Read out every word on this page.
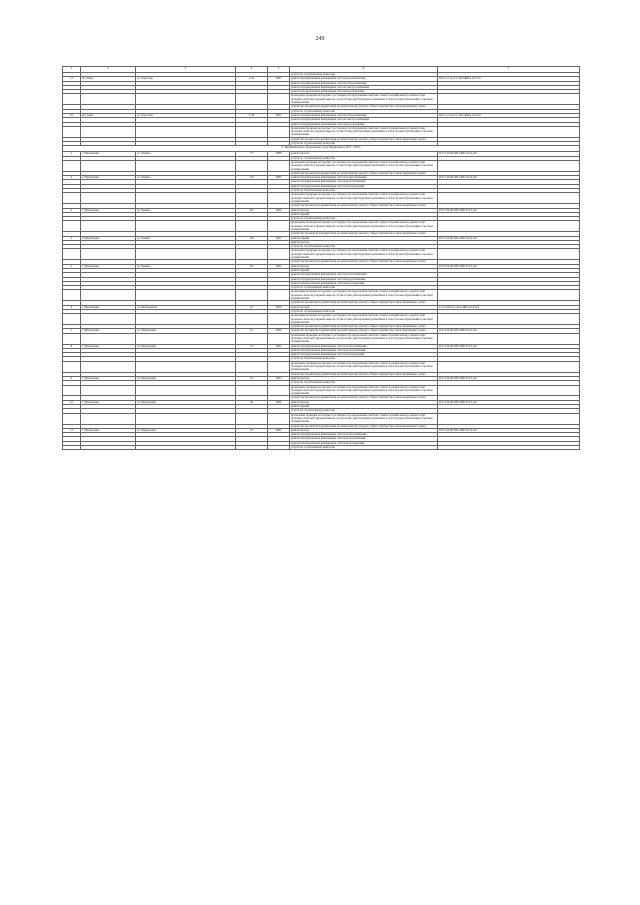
249
1	2	3	4	5	6	7
					услуги по строительному контролю	
15	пгт Харп	ул. Одесская	11 Б	2007	ремонт внутридомовых инженерных систем водоснабжения	III-2-2-Стаэ3-С-III-СЖБ-0-0-0-0-0
					ремонт внутридомовых инженерных систем теплоснабжения	
					ремонт внутридомовых инженерных систем электроснабжения	
					ремонт внутридомовых инженерных систем водоотведения	
					проведение проверки на предмет достоверности определения сметной стоимости капитального ремонта при проверке сметной документации на соответствие действующим нормативам в области ценообразования в сметном нормировании	
					разработка проектной документации на капитальному ремонту общего имущества в многоквартирных домах	
					услуги по строительному контролю	
16	пгт Харп	ул. Одесская	11 В	2007	ремонт внутридомовых инженерных систем теплоснабжения	III-2-2-Стаэ3-С-III-СЖБ-0-0-0-0-0
					ремонт внутридомовых инженерных систем электроснабжения	
					ремонт внутридомовых инженерных систем водоотведения	
					проведение проверки на предмет достоверности определения сметной стоимости капитального ремонта при проверке сметной документации на соответствие действующим нормативам в области ценообразования в сметном нормировании	
					разработка проектной документации на капитальному ремонту общего имущества в многоквартирных домах	
					услуги по строительному контролю	
3. Муниципальное образование город Муравленко (2011 - 2013)						
1	г. Муравленко	ул. Ленина	77	1988	ремонт фасада	II-5-5-П-III-ПП-СЖБ-0-0-0-0-0
					услуги по строительному контролю	
					проведение проверки на предмет достоверности определения сметной стоимости капитального ремонта при проверке сметной документации на соответствие действующим нормативам в области ценообразования в сметном нормировании	
					разработка проектной документации на капитальному ремонту общего имущества в многоквартирных домах	
2	г. Муравленко	ул. Ленина	115	1985	ремонт внутридомовых инженерных систем теплоснабжения	II-5-5-П-III-ПП-СЖБ-0-0-0-0-0
					ремонт внутридомовых инженерных систем водоснабжения	
					ремонт внутридомовых инженерных систем водоотведения	
					услуги по строительному контролю	
					проведение проверки на предмет достоверности определения сметной стоимости капитального ремонта при проверке сметной документации на соответствие действующим нормативам в области ценообразования в сметном нормировании	
					разработка проектной документации на капитальному ремонту общего имущества в многоквартирных домах	
3	г. Муравленко	ул. Ленина	127	1990	ремонт фасада	II-5-5-П-III-ПП-СЖБ-0-0-0-0-0
					ремонт крыши	
					услуги по строительному контролю	
					проведение проверки на предмет достоверности определения сметной стоимости капитального ремонта при проверке сметной документации на соответствие действующим нормативам в области ценообразования в сметном нормировании	
					разработка проектной документации на капитальному ремонту общего имущества в многоквартирных домах	
4	г. Муравленко	ул. Ленина	129	1991	ремонт крыши	II-5-5-П-III-ПП-СЖБ-0-0-0-0-0
					ремонт фасада	
					услуги по строительному контролю	
					проведение проверки на предмет достоверности определения сметной стоимости капитального ремонта при проверке сметной документации на соответствие действующим нормативам в области ценообразования в сметном нормировании	
					разработка проектной документации на капитальному ремонту общего имущества в многоквартирных домах	
5	г. Муравленко	ул. Ленина	131	1991	ремонт фасада	II-5-8-П-III-ПП-СЖБ-0-0-0-0-0
					ремонт крыши	
					ремонт внутридомовых инженерных систем теплоснабжения	
					ремонт внутридомовых инженерных систем водоснабжения	
					ремонт внутридомовых инженерных систем водоотведения	
					услуги по строительному контролю	
					проведение проверки на предмет достоверности определения сметной стоимости капитального ремонта при проверке сметной документации на соответствие действующим нормативам в области ценообразования в сметном нормировании	
					разработка проектной документации на капитальному ремонту общего имущества в многоквартирных домах	
6	г. Муравленко	ул. Молодежная	27	2009	ремонт фасада	С-3-3-Об-м-С-П-м-ЖБ-0-0-0-0-0
					услуги по строительному контролю	
					проведение проверки на предмет достоверности определения сметной стоимости капитального ремонта при проверке сметной документации на соответствие действующим нормативам в области ценообразования в сметном нормировании	
					разработка проектной документации на капитальному ремонту общего имущества в многоквартирных домах	
7	г. Муравленко	ул. Муравленко	15	1990	разработка проектной документации на капитальному ремонту общего имущества в многоквартирных домах	II-5-4-П-III-ПП-СЖБ-0-0-0-0-0
					проведение проверки на предмет достоверности определения сметной стоимости капитального ремонта при проверке сметной документации на соответствие действующим нормативам в области ценообразования в сметном нормировании	
8	г. Муравленко	ул. Муравленко	21	1991	ремонт внутридомовых инженерных систем теплоснабжения	II-5-4-П-III-ПП-СЖБ-0-0-0-0-0
					ремонт внутридомовых инженерных систем водоснабжения	
					ремонт внутридомовых инженерных систем водоотведения	
					услуги по строительному контролю	
					проведение проверки на предмет достоверности определения сметной стоимости капитального ремонта при проверке сметной документации на соответствие действующим нормативам в области ценообразования в сметном нормировании	
					разработка проектной документации на капитальному ремонту общего имущества в многоквартирных домах	
9	г. Муравленко	ул. Муравленко	25	1993	ремонт фасада	II-5-4-П-III-ПП-СЖБ-0-0-0-0-0
					услуги по строительному контролю	
					проведение проверки на предмет достоверности определения сметной стоимости капитального ремонта при проверке сметной документации на соответствие действующим нормативам в области ценообразования в сметном нормировании	
					разработка проектной документации на капитальному ремонту общего имущества в многоквартирных домах	
10	г. Муравленко	ул. Муравленко	36	1999	ремонт фасада	II-5-4-П-III-ПП-СЖБ-0-0-0-0-0
					ремонт крыши	
					услуги по строительному контролю	
					проведение проверки на предмет достоверности определения сметной стоимости капитального ремонта при проверке сметной документации на соответствие действующим нормативам в области ценообразования в сметном нормировании	
					разработка проектной документации на капитальному ремонту общего имущества в многоквартирных домах	
11	г. Муравленко	ул. Муравленко	37	1995	ремонт фасада	II-5-5-П-III-ПП-СЖБ-0-0-0-0-0
					ремонт внутридомовых инженерных систем теплоснабжения	
					ремонт внутридомовых инженерных систем водоснабжения	
					ремонт внутридомовых инженерных систем водоотведения	
					услуги по строительному контролю	
